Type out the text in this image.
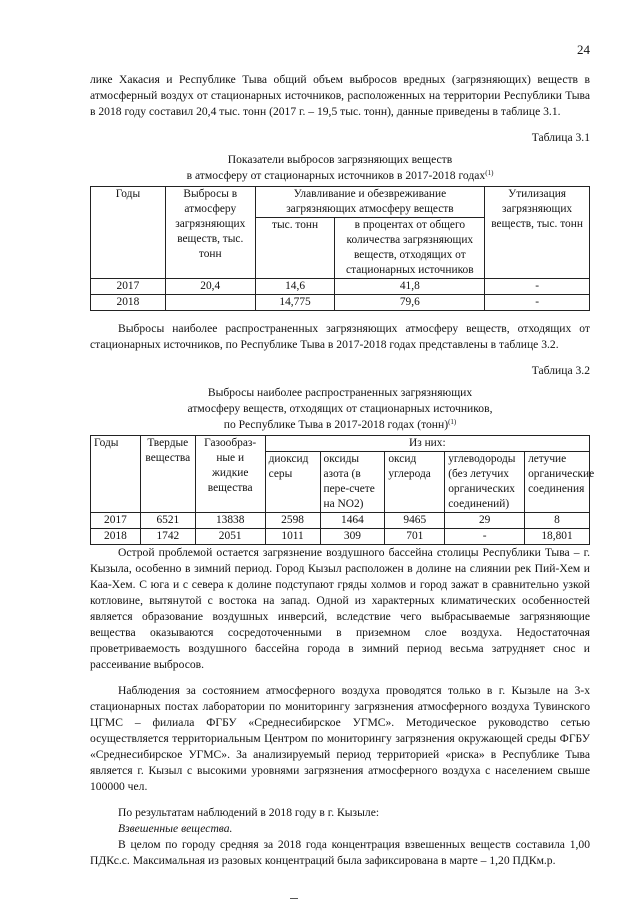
24

лике Хакасия и Республике Тыва общий объем выбросов вредных (загрязняющих) веществ в атмосферный воздух от стационарных источников, расположенных на территории Республики Тыва в 2018 году составил 20,4 тыс. тонн (2017 г. – 19,5 тыс. тонн), данные приведены в таблице 3.1.

Таблица 3.1
Показатели выбросов загрязняющих веществ
в атмосферу от стационарных источников в 2017-2018 годах$^{(1)}$
Годы	Выбросы в атмосферу загрязняющих веществ, тыс. тонн	Улавливание и обезвреживание загрязняющих атмосферу веществ		Утилизация загрязняющих веществ, тыс. тонн
		тыс. тонн	в процентах от общего количества загрязняющих веществ, отходящих от стационарных источников	
2017	20,4	14,6	41,8	-
2018		14,775	79,6	-

Выбросы наиболее распространенных загрязняющих атмосферу веществ, отходящих от стационарных источников, по Республике Тыва в 2017-2018 годах представлены в таблице 3.2.

Таблица 3.2
Выбросы наиболее распространенных загрязняющих
атмосферу веществ, отходящих от стационарных источников,
по Республике Тыва в 2017-2018 годах (тонн)$^{(1)}$
Годы	Твердые вещества	Газообраз-ные и жидкие вещества	Из них:				
			диоксид серы	оксиды азота (в пере-счете на NO2)	оксид углерода	углеводороды (без летучих органических соединений)	летучие органические соединения
2017	6521	13838	2598	1464	9465	29	8
2018	1742	2051	1011	309	701	-	18,801

Острой проблемой остается загрязнение воздушного бассейна столицы Республики Тыва – г. Кызыла, особенно в зимний период. Город Кызыл расположен в долине на слиянии рек Пий-Хем и Каа-Хем. С юга и с севера к долине подступают гряды холмов и город зажат в сравнительно узкой котловине, вытянутой с востока на запад. Одной из характерных климатических особенностей является образование воздушных инверсий, вследствие чего выбрасываемые загрязняющие вещества оказываются сосредоточенными в приземном слое воздуха. Недостаточная проветриваемость воздушного бассейна города в зимний период весьма затрудняет снос и рассеивание выбросов.

Наблюдения за состоянием атмосферного воздуха проводятся только в г. Кызыле на 3-х стационарных постах лаборатории по мониторингу загрязнения атмосферного воздуха Тувинского ЦГМС – филиала ФГБУ «Среднесибирское УГМС». Методическое руководство сетью осуществляется территориальным Центром по мониторингу загрязнения окружающей среды ФГБУ «Среднесибирское УГМС». За анализируемый период территорией «риска» в Республике Тыва является г. Кызыл с высокими уровнями загрязнения атмосферного воздуха с населением свыше 100000 чел.

По результатам наблюдений в 2018 году в г. Кызыле:

Взвешенные вещества.

В целом по городу средняя за 2018 года концентрация взвешенных веществ составила 1,00 ПДКс.с. Максимальная из разовых концентраций была зафиксирована в марте – 1,20 ПДКм.р.
